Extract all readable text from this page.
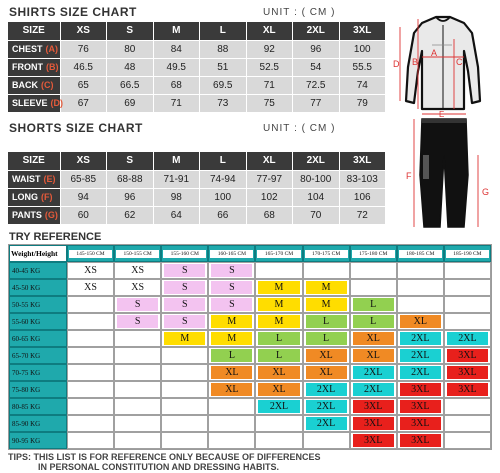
SHIRTS SIZE CHART	UNIT : ( CM )
SIZE	XS	S	M	L	XL	2XL	3XL
CHEST (A)	76	80	84	88	92	96	100
FRONT (B)	46.5	48	49.5	51	52.5	54	55.5
BACK (C)	65	66.5	68	69.5	71	72.5	74
SLEEVE (D)	67	69	71	73	75	77	79
SHORTS SIZE CHART	UNIT : ( CM )
SIZE	XS	S	M	L	XL	2XL	3XL
WAIST (E)	65-85	68-88	71-91	74-94	77-97	80-100	83-103
LONG (F)	94	96	98	100	102	104	106
PANTS (G)	60	62	64	66	68	70	72
A
B	C
D
E
F
G
TRY REFERENCE
Weight/Height	145-150 CM	150-155 CM	155-160 CM	160-165 CM	165-170 CM	170-175 CM	175-180 CM	180-185 CM	185-190 CM

40-45 KG	XS	XS	S	S					

45-50 KG	XS	XS	S	S	M	M			

50-55 KG		S	S	S	M	M	L		

55-60 KG		S	S	M	M	L	L	XL	

60-65 KG			M	M	L	L	XL	2XL	2XL

65-70 KG				L	L	XL	XL	2XL	3XL

70-75 KG				XL	XL	XL	2XL	2XL	3XL

75-80 KG				XL	XL	2XL	2XL	3XL	3XL

80-85 KG					2XL	2XL	3XL	3XL	

85-90 KG						2XL	3XL	3XL	

90-95 KG							3XL	3XL	

TIPS: THIS LIST IS FOR REFERENCE ONLY BECAUSE OF DIFFERENCES
IN PERSONAL CONSTITUTION AND DRESSING HABITS.
